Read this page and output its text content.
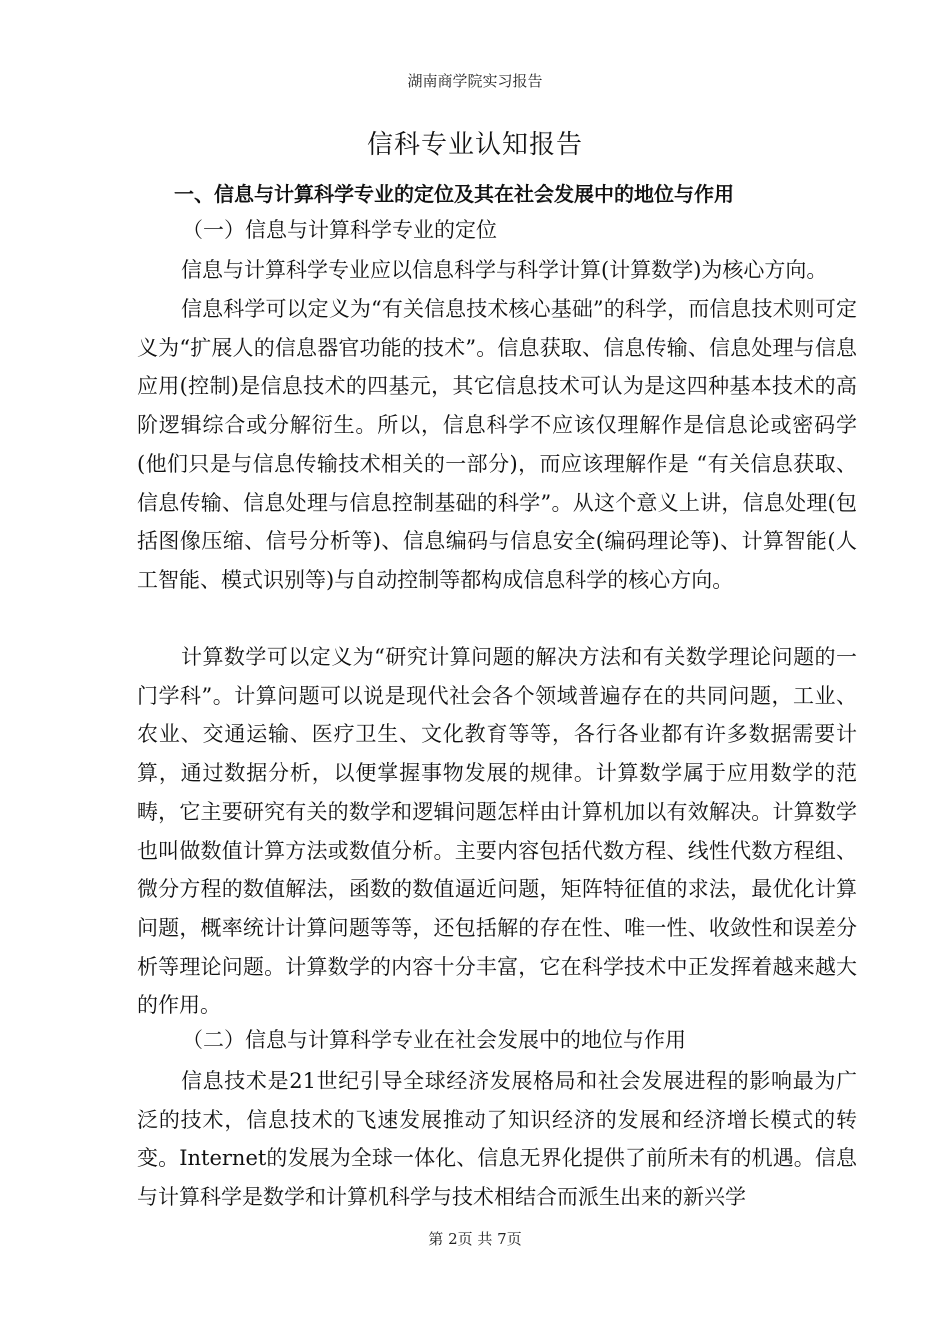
湖南商学院实习报告
信科专业认知报告
一、信息与计算科学专业的定位及其在社会发展中的地位与作用
（一）信息与计算科学专业的定位

信息与计算科学专业应以信息科学与科学计算(计算数学)为核心方向。

信息科学可以定义为“有关信息技术核心基础”的科学，而信息技术则可定义为“扩展人的信息器官功能的技术”。信息获取、信息传输、信息处理与信息应用(控制)是信息技术的四基元，其它信息技术可认为是这四种基本技术的高阶逻辑综合或分解衍生。所以，信息科学不应该仅理解作是信息论或密码学(他们只是与信息传输技术相关的一部分)，而应该理解作是 “有关信息获取、信息传输、信息处理与信息控制基础的科学”。从这个意义上讲，信息处理(包括图像压缩、信号分析等)、信息编码与信息安全(编码理论等)、计算智能(人工智能、模式识别等)与自动控制等都构成信息科学的核心方向。

计算数学可以定义为“研究计算问题的解决方法和有关数学理论问题的一门学科”。计算问题可以说是现代社会各个领域普遍存在的共同问题，工业、农业、交通运输、医疗卫生、文化教育等等，各行各业都有许多数据需要计算，通过数据分析，以便掌握事物发展的规律。计算数学属于应用数学的范畴，它主要研究有关的数学和逻辑问题怎样由计算机加以有效解决。计算数学也叫做数值计算方法或数值分析。主要内容包括代数方程、线性代数方程组、微分方程的数值解法，函数的数值逼近问题，矩阵特征值的求法，最优化计算问题，概率统计计算问题等等，还包括解的存在性、唯一性、收敛性和误差分析等理论问题。计算数学的内容十分丰富，它在科学技术中正发挥着越来越大的作用。

（二）信息与计算科学专业在社会发展中的地位与作用

信息技术是21世纪引导全球经济发展格局和社会发展进程的影响最为广泛的技术，信息技术的飞速发展推动了知识经济的发展和经济增长模式的转变。Internet的发展为全球一体化、信息无界化提供了前所未有的机遇。信息与计算科学是数学和计算机科学与技术相结合而派生出来的新兴学

第 2页 共 7页
